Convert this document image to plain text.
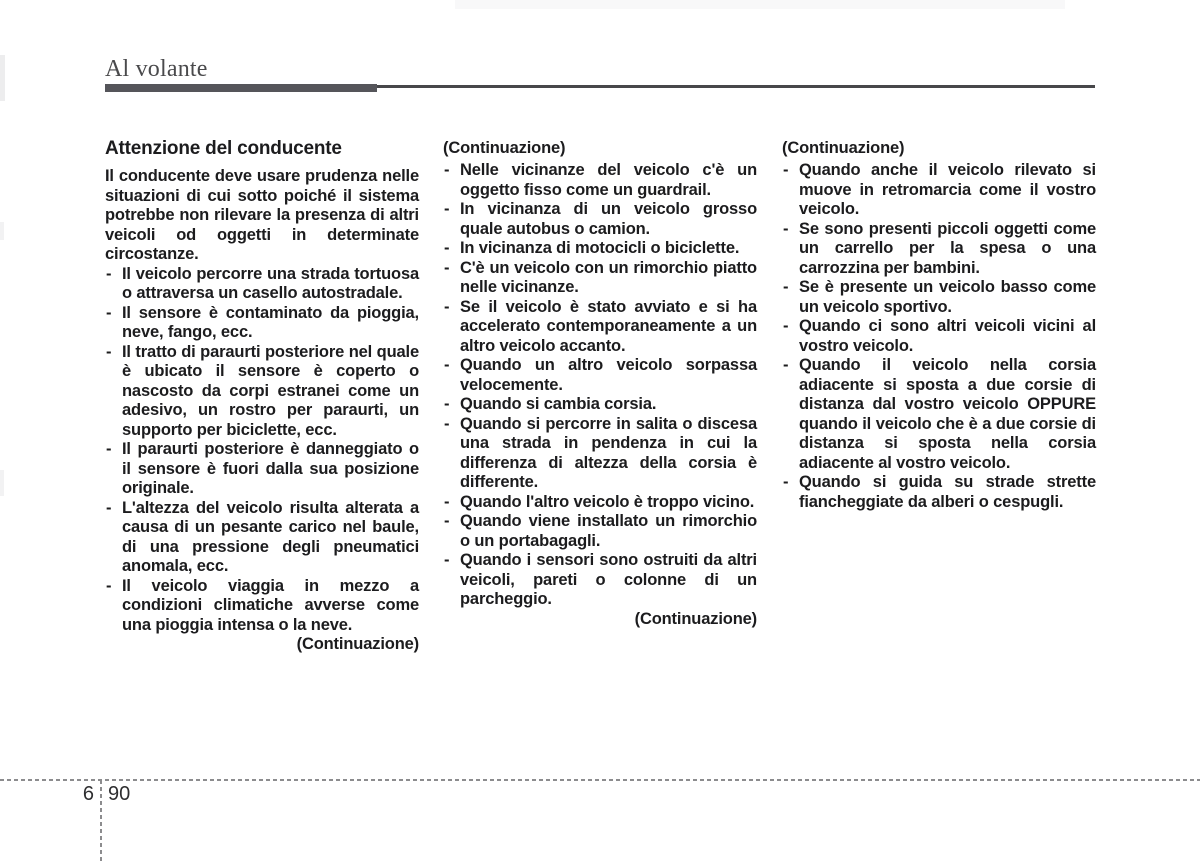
Al volante
Attenzione del conducente

Il conducente deve usare prudenza nelle situazioni di cui sotto poiché il sistema potrebbe non rilevare la presenza di altri veicoli od oggetti in determinate circostanze.

- Il veicolo percorre una strada tortuosa o attraversa un casello autostradale.
- Il sensore è contaminato da pioggia, neve, fango, ecc.
- Il tratto di paraurti posteriore nel quale è ubicato il sensore è coperto o nascosto da corpi estranei come un adesivo, un rostro per paraurti, un supporto per biciclette, ecc.
- Il paraurti posteriore è danneggiato o il sensore è fuori dalla sua posizione originale.
- L'altezza del veicolo risulta alterata a causa di un pesante carico nel baule, di una pressione degli pneumatici anomala, ecc.
- Il veicolo viaggia in mezzo a condizioni climatiche avverse come una pioggia intensa o la neve.

(Continuazione)

(Continuazione)

- Nelle vicinanze del veicolo c'è un oggetto fisso come un guardrail.
- In vicinanza di un veicolo grosso quale autobus o camion.
- In vicinanza di motocicli o biciclette.
- C'è un veicolo con un rimorchio piatto nelle vicinanze.
- Se il veicolo è stato avviato e si ha accelerato contemporaneamente a un altro veicolo accanto.
- Quando un altro veicolo sorpassa velocemente.
- Quando si cambia corsia.
- Quando si percorre in salita o discesa una strada in pendenza in cui la differenza di altezza della corsia è differente.
- Quando l'altro veicolo è troppo vicino.
- Quando viene installato un rimorchio o un portabagagli.
- Quando i sensori sono ostruiti da altri veicoli, pareti o colonne di un parcheggio.

(Continuazione)

(Continuazione)

- Quando anche il veicolo rilevato si muove in retromarcia come il vostro veicolo.
- Se sono presenti piccoli oggetti come un carrello per la spesa o una carrozzina per bambini.
- Se è presente un veicolo basso come un veicolo sportivo.
- Quando ci sono altri veicoli vicini al vostro veicolo.
- Quando il veicolo nella corsia adiacente si sposta a due corsie di distanza dal vostro veicolo OPPURE quando il veicolo che è a due corsie di distanza si sposta nella corsia adiacente al vostro veicolo.
- Quando si guida su strade strette fiancheggiate da alberi o cespugli.
6 90
